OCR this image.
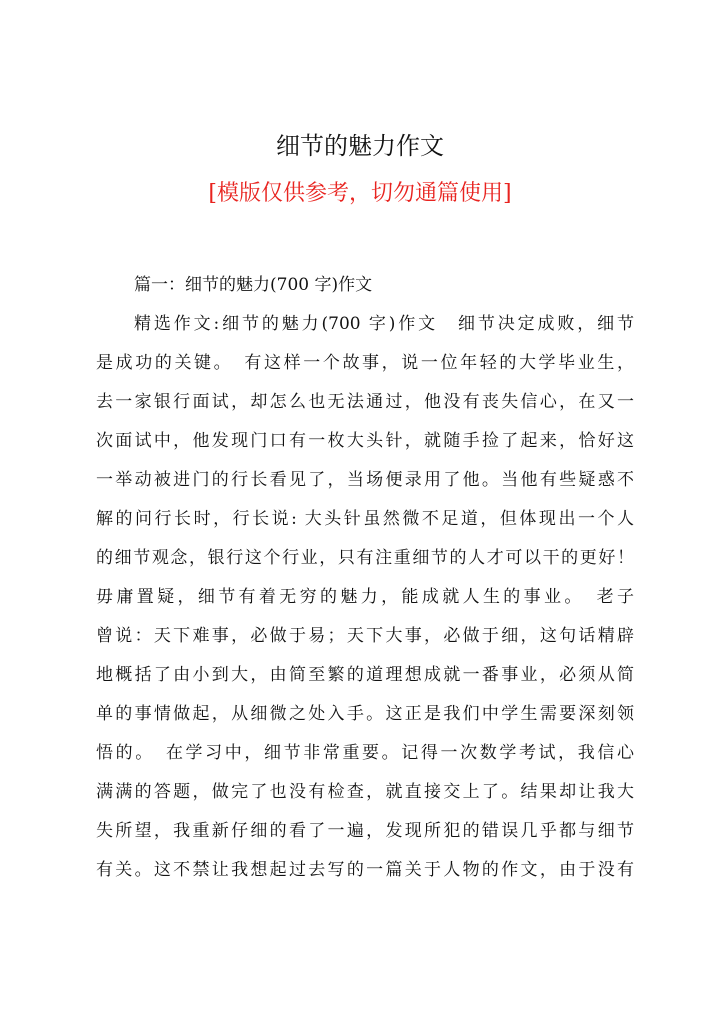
细节的魅力作文
[模版仅供参考，切勿通篇使用]
篇一：细节的魅力(700 字)作文
精选作文:细节的魅力(700 字)作文　细节决定成败，细节
是成功的关键。　有这样一个故事，说一位年轻的大学毕业生，
去一家银行面试，却怎么也无法通过，他没有丧失信心，在又一
次面试中，他发现门口有一枚大头针，就随手捡了起来，恰好这
一举动被进门的行长看见了，当场便录用了他。当他有些疑惑不
解的问行长时，行长说: 大头针虽然微不足道，但体现出一个人
的细节观念，银行这个行业，只有注重细节的人才可以干的更好！
毋庸置疑，细节有着无穷的魅力，能成就人生的事业。　老子
曾说：天下难事，必做于易；天下大事，必做于细，这句话精辟
地概括了由小到大，由简至繁的道理想成就一番事业，必须从简
单的事情做起，从细微之处入手。这正是我们中学生需要深刻领
悟的。　在学习中，细节非常重要。记得一次数学考试，我信心
满满的答题，做完了也没有检查，就直接交上了。结果却让我大
失所望，我重新仔细的看了一遍，发现所犯的错误几乎都与细节
有关。这不禁让我想起过去写的一篇关于人物的作文，由于没有
